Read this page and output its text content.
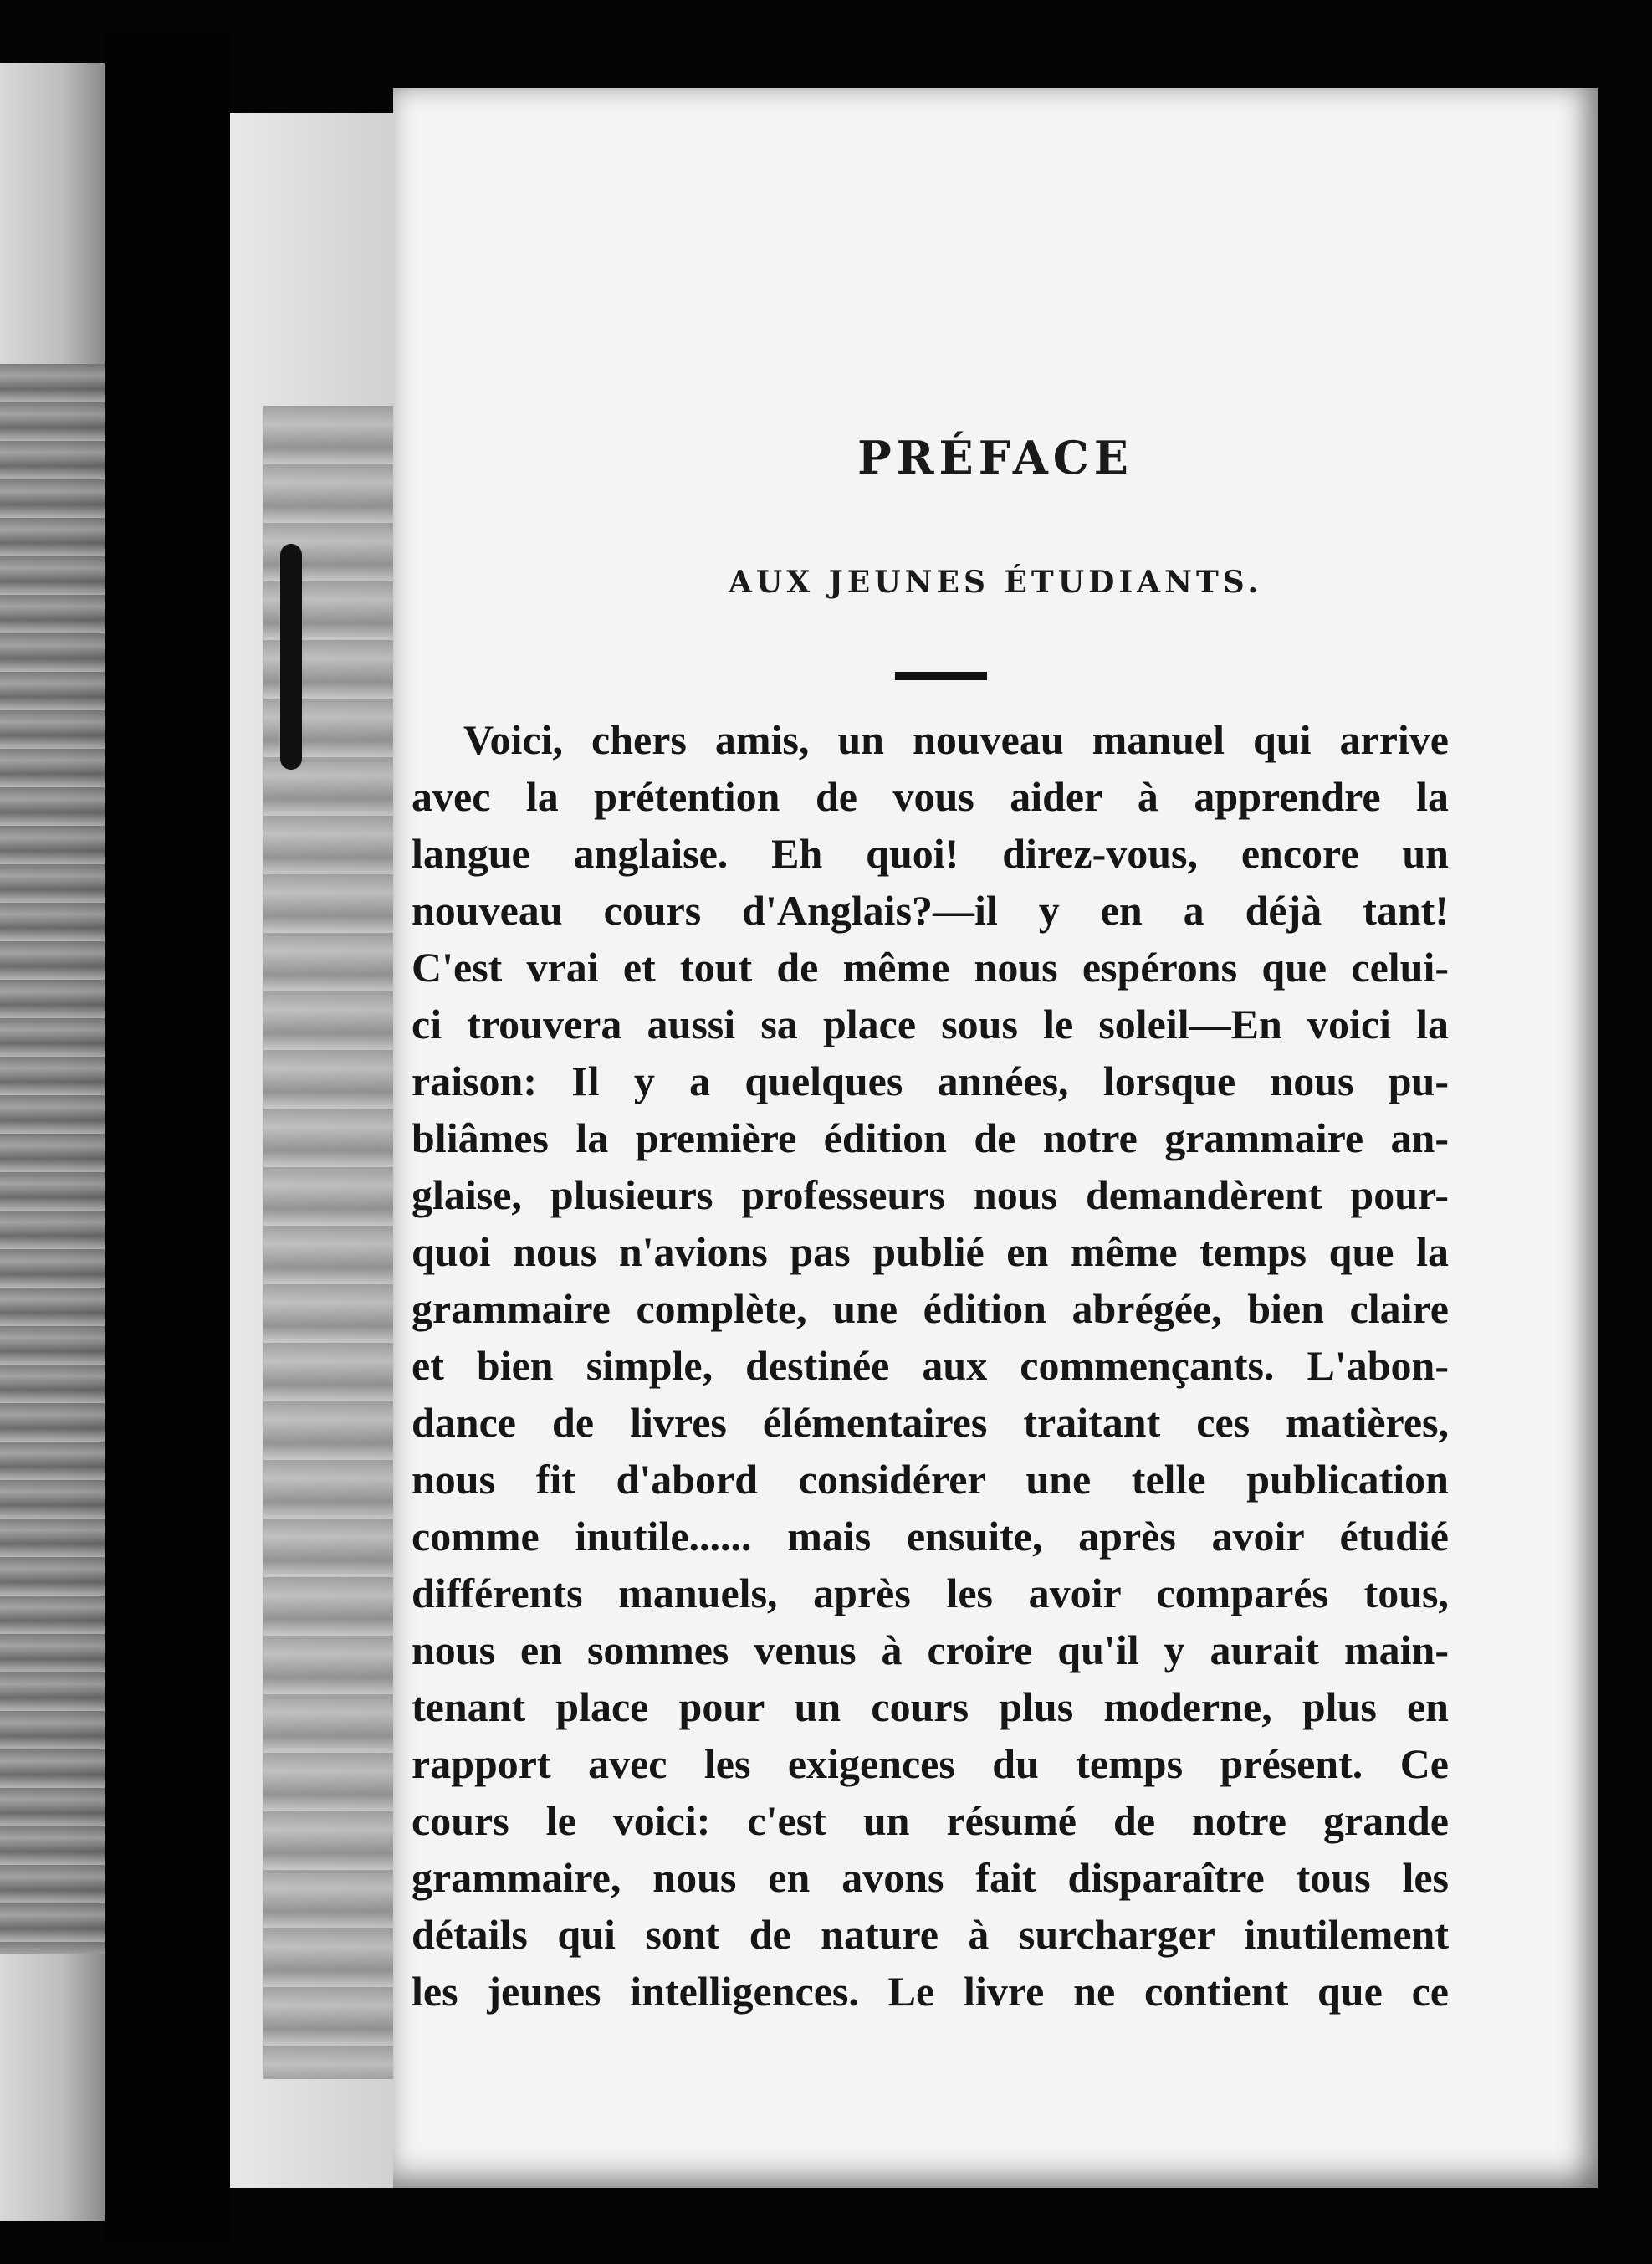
PRÉFACE
AUX JEUNES ÉTUDIANTS.
Voici, chers amis, un nouveau manuel qui arrive
avec la prétention de vous aider à apprendre la
langue anglaise. Eh quoi! direz-vous, encore un
nouveau cours d'Anglais?—il y en a déjà tant!
C'est vrai et tout de même nous espérons que celui-
ci trouvera aussi sa place sous le soleil—En voici la
raison: Il y a quelques années, lorsque nous pu-
bliâmes la première édition de notre grammaire an-
glaise, plusieurs professeurs nous demandèrent pour-
quoi nous n'avions pas publié en même temps que la
grammaire complète, une édition abrégée, bien claire
et bien simple, destinée aux commençants. L'abon-
dance de livres élémentaires traitant ces matières,
nous fit d'abord considérer une telle publication
comme inutile...... mais ensuite, après avoir étudié
différents manuels, après les avoir comparés tous,
nous en sommes venus à croire qu'il y aurait main-
tenant place pour un cours plus moderne, plus en
rapport avec les exigences du temps présent. Ce
cours le voici: c'est un résumé de notre grande
grammaire, nous en avons fait disparaître tous les
détails qui sont de nature à surcharger inutilement
les jeunes intelligences. Le livre ne contient que ce
